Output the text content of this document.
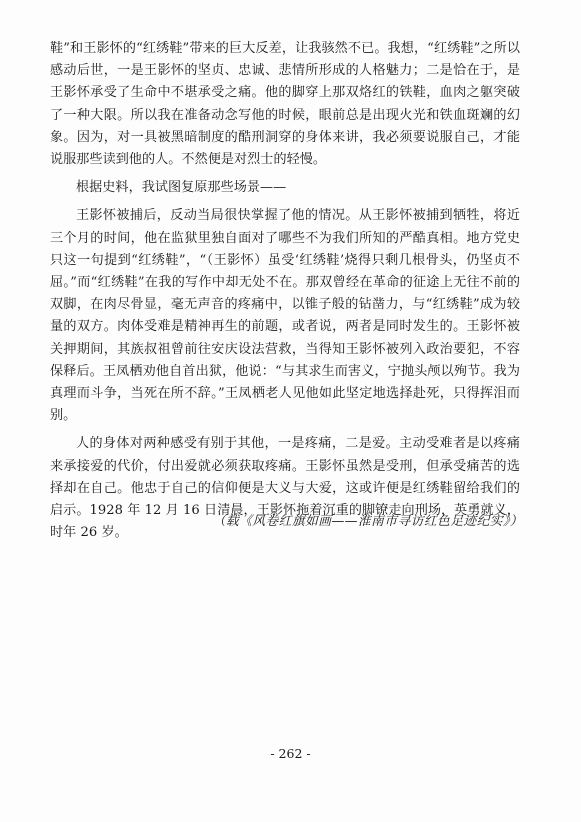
鞋”和王影怀的“红绣鞋”带来的巨大反差，让我骇然不已。我想，“红绣鞋”之所以感动后世，一是王影怀的坚贞、忠诚、悲情所形成的人格魅力；二是恰在于，是王影怀承受了生命中不堪承受之痛。他的脚穿上那双烙红的铁鞋，血肉之躯突破了一种大限。所以我在准备动念写他的时候，眼前总是出现火光和铁血斑斓的幻象。因为，对一具被黑暗制度的酷刑洞穿的身体来讲，我必须要说服自己，才能说服那些读到他的人。不然便是对烈士的轻慢。

根据史料，我试图复原那些场景——

王影怀被捕后，反动当局很快掌握了他的情况。从王影怀被捕到牺牲，将近三个月的时间，他在监狱里独自面对了哪些不为我们所知的严酷真相。地方党史只这一句提到“红绣鞋”，“（王影怀）虽受‘红绣鞋’烧得只剩几根骨头，仍坚贞不屈。”而“红绣鞋”在我的写作中却无处不在。那双曾经在革命的征途上无往不前的双脚，在肉尽骨显，毫无声音的疼痛中，以锥子般的钻凿力，与“红绣鞋”成为较量的双方。肉体受难是精神再生的前题，或者说，两者是同时发生的。王影怀被关押期间，其族叔祖曾前往安庆设法营救，当得知王影怀被列入政治要犯，不容保释后。王凤栖劝他自首出狱，他说：“与其求生而害义，宁抛头颅以殉节。我为真理而斗争，当死在所不辞。”王凤栖老人见他如此坚定地选择赴死，只得挥泪而别。

人的身体对两种感受有别于其他，一是疼痛，二是爱。主动受难者是以疼痛来承接爱的代价，付出爱就必须获取疼痛。王影怀虽然是受刑，但承受痛苦的选择却在自己。他忠于自己的信仰便是大义与大爱，这或许便是红绣鞋留给我们的启示。1928 年 12 月 16 日清晨，王影怀拖着沉重的脚镣走向刑场，英勇就义，时年 26 岁。

（载《风卷红旗如画——淮南市寻访红色足迹纪实》）
- 262 -
